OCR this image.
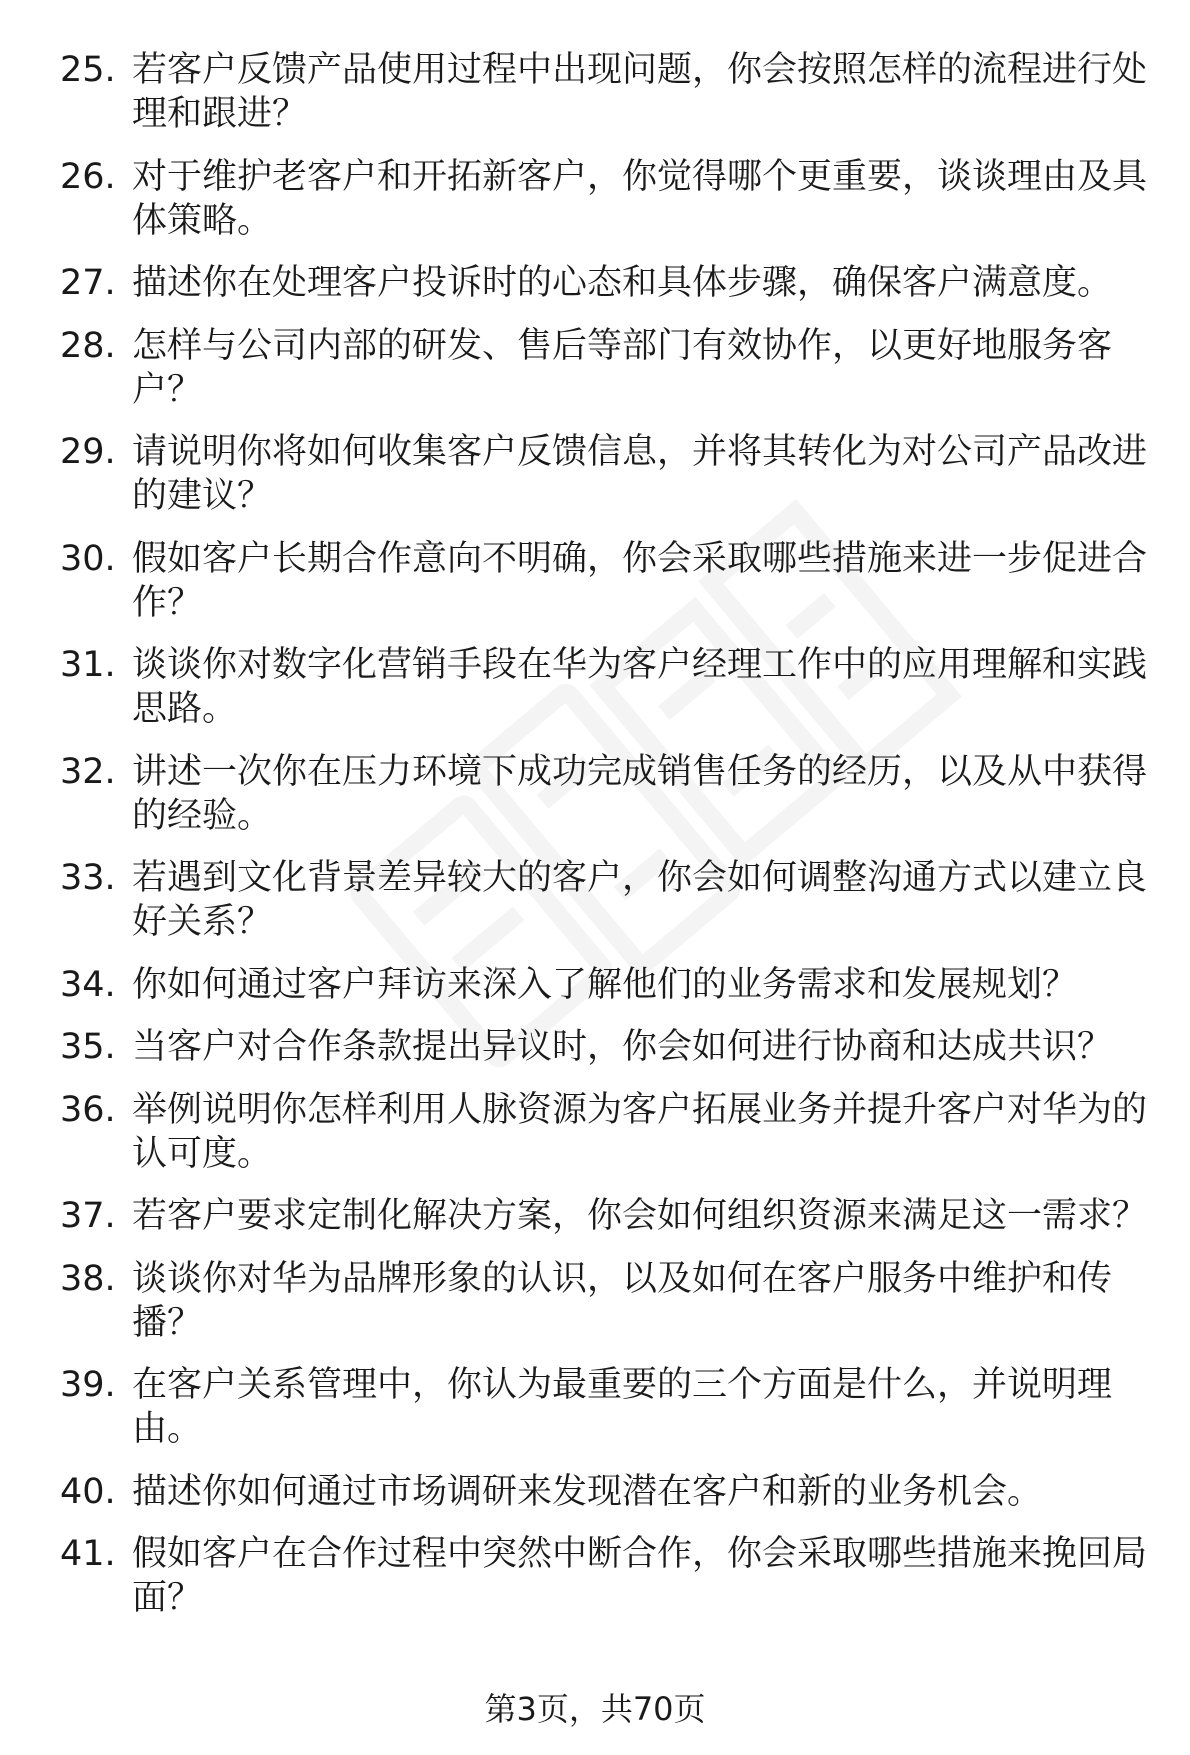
25. 若客户反馈产品使用过程中出现问题，你会按照怎样的流程进行处理和跟进？
26. 对于维护老客户和开拓新客户，你觉得哪个更重要，谈谈理由及具体策略。
27. 描述你在处理客户投诉时的心态和具体步骤，确保客户满意度。
28. 怎样与公司内部的研发、售后等部门有效协作，以更好地服务客户？
29. 请说明你将如何收集客户反馈信息，并将其转化为对公司产品改进的建议？
30. 假如客户长期合作意向不明确，你会采取哪些措施来进一步促进合作？
31. 谈谈你对数字化营销手段在华为客户经理工作中的应用理解和实践思路。
32. 讲述一次你在压力环境下成功完成销售任务的经历，以及从中获得的经验。
33. 若遇到文化背景差异较大的客户，你会如何调整沟通方式以建立良好关系？
34. 你如何通过客户拜访来深入了解他们的业务需求和发展规划？
35. 当客户对合作条款提出异议时，你会如何进行协商和达成共识？
36. 举例说明你怎样利用人脉资源为客户拓展业务并提升客户对华为的认可度。
37. 若客户要求定制化解决方案，你会如何组织资源来满足这一需求？
38. 谈谈你对华为品牌形象的认识，以及如何在客户服务中维护和传播？
39. 在客户关系管理中，你认为最重要的三个方面是什么，并说明理由。
40. 描述你如何通过市场调研来发现潜在客户和新的业务机会。
41. 假如客户在合作过程中突然中断合作，你会采取哪些措施来挽回局面？
第3页，共70页
